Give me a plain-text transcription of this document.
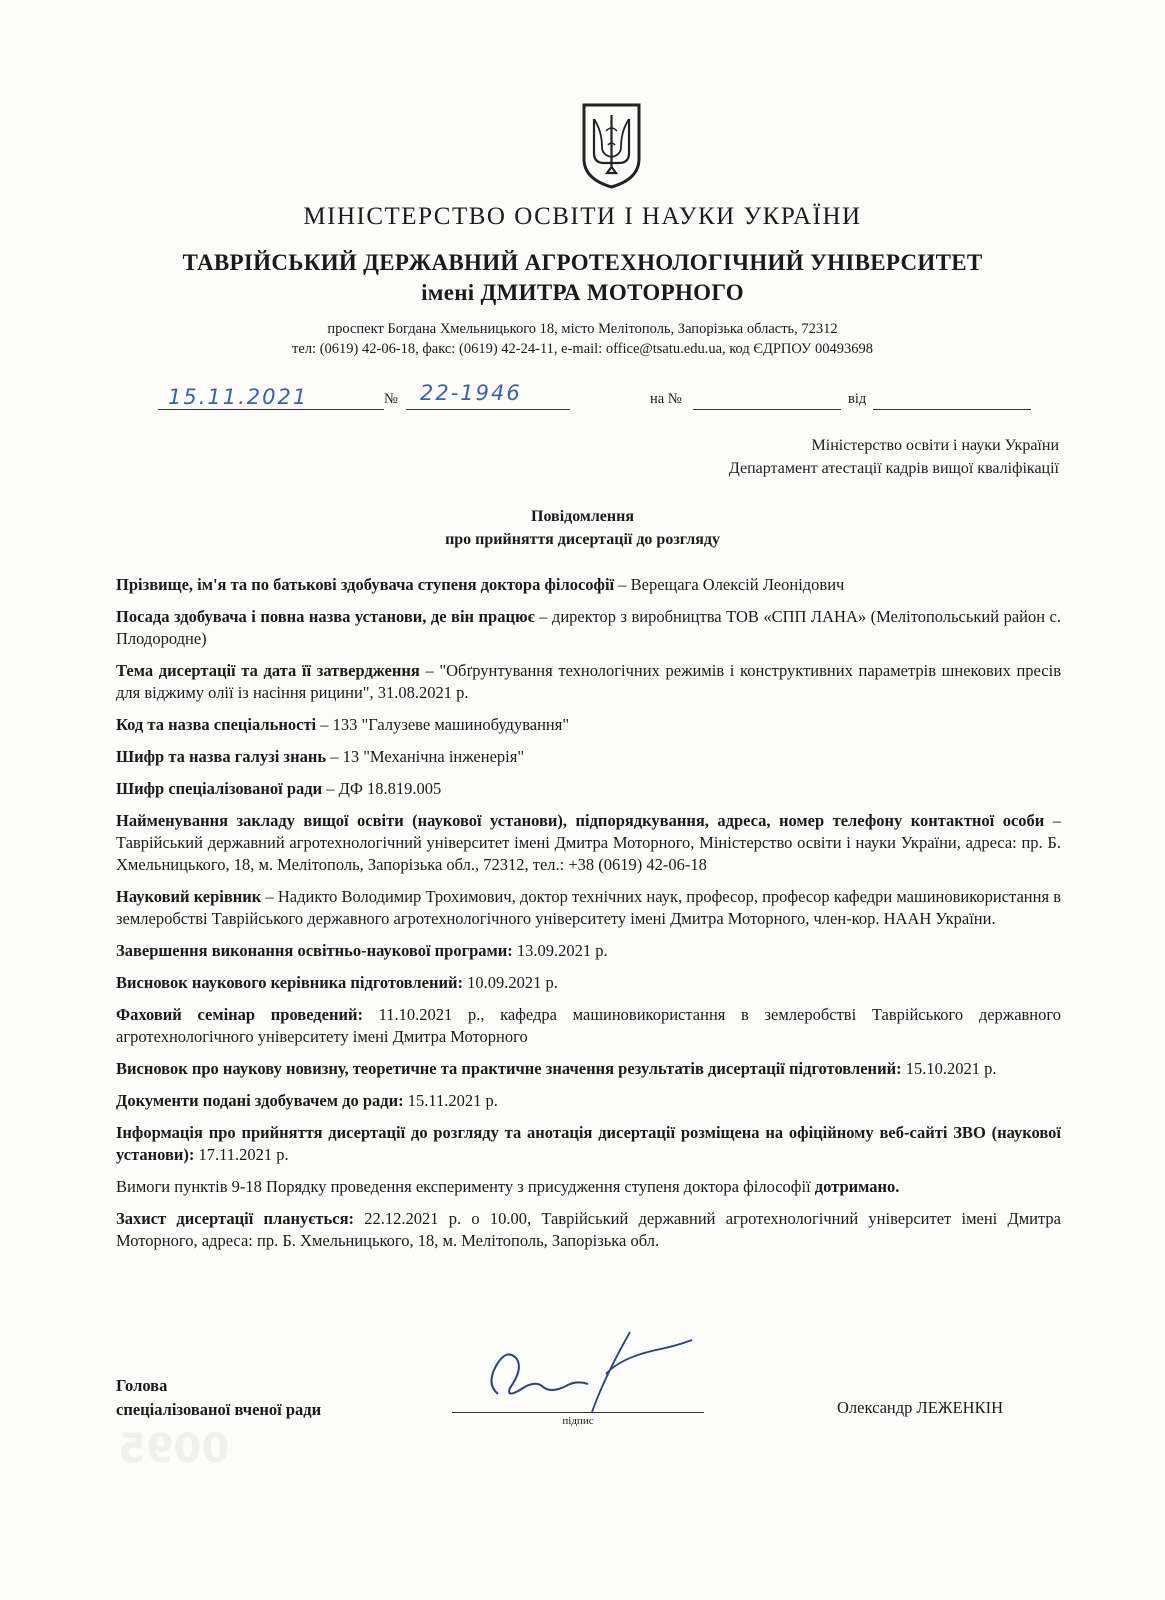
МІНІСТЕРСТВО ОСВІТИ І НАУКИ УКРАЇНИ
ТАВРІЙСЬКИЙ ДЕРЖАВНИЙ АГРОТЕХНОЛОГІЧНИЙ УНІВЕРСИТЕТ
імені ДМИТРА МОТОРНОГО
проспект Богдана Хмельницького 18, місто Мелітополь, Запорізька область, 72312
тел: (0619) 42-06-18, факс: (0619) 42-24-11, e-mail: office@tsatu.edu.ua, код ЄДРПОУ 00493698
15.11.2021	№ 22-1946	на №	від
Міністерство освіти і науки України
Департамент атестації кадрів вищої кваліфікації
Повідомлення
про прийняття дисертації до розгляду

Прізвище, ім'я та по батькові здобувача ступеня доктора філософії – Верещага Олексій Леонідович

Посада здобувача і повна назва установи, де він працює – директор з виробництва ТОВ «СПП ЛАНА» (Мелітопольський район с. Плодородне)

Тема дисертації та дата її затвердження – "Обґрунтування технологічних режимів і конструктивних параметрів шнекових пресів для віджиму олії із насіння рицини", 31.08.2021 р.

Код та назва спеціальності – 133 "Галузеве машинобудування"

Шифр та назва галузі знань – 13 "Механічна інженерія"

Шифр спеціалізованої ради – ДФ 18.819.005

Найменування закладу вищої освіти (наукової установи), підпорядкування, адреса, номер телефону контактної особи – Таврійський державний агротехнологічний університет імені Дмитра Моторного, Міністерство освіти і науки України, адреса: пр. Б. Хмельницького, 18, м. Мелітополь, Запорізька обл., 72312, тел.: +38 (0619) 42-06-18

Науковий керівник – Надикто Володимир Трохимович, доктор технічних наук, професор, професор кафедри машиновикористання в землеробстві Таврійського державного агротехнологічного університету імені Дмитра Моторного, член-кор. НААН України.

Завершення виконання освітньо-наукової програми: 13.09.2021 р.

Висновок наукового керівника підготовлений: 10.09.2021 р.

Фаховий семінар проведений: 11.10.2021 р., кафедра машиновикористання в землеробстві Таврійського державного агротехнологічного університету імені Дмитра Моторного

Висновок про наукову новизну, теоретичне та практичне значення результатів дисертації підготовлений: 15.10.2021 р.

Документи подані здобувачем до ради: 15.11.2021 р.

Інформація про прийняття дисертації до розгляду та анотація дисертації розміщена на офіційному веб-сайті ЗВО (наукової установи): 17.11.2021 р.

Вимоги пунктів 9-18 Порядку проведення експерименту з присудження ступеня доктора філософії дотримано.

Захист дисертації планується: 22.12.2021 р. о 10.00, Таврійський державний агротехнологічний університет імені Дмитра Моторного, адреса: пр. Б. Хмельницького, 18, м. Мелітополь, Запорізька обл.

Голова
спеціалізованої вченої ради
підпис
Олександр ЛЕЖЕНКІН
0095
